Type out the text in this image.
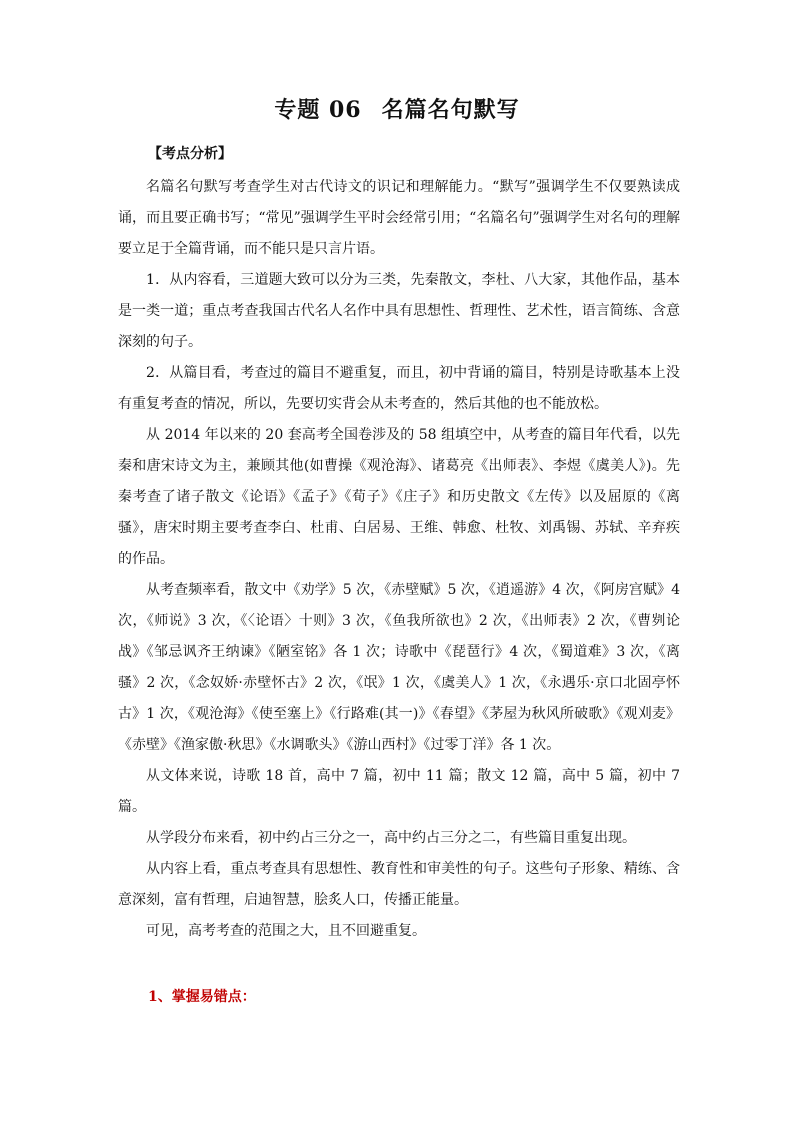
专题 06 名篇名句默写
【考点分析】

名篇名句默写考查学生对古代诗文的识记和理解能力。“默写”强调学生不仅要熟读成诵，而且要正确书写；“常见”强调学生平时会经常引用；“名篇名句”强调学生对名句的理解要立足于全篇背诵，而不能只是只言片语。

1．从内容看，三道题大致可以分为三类，先秦散文，李杜、八大家，其他作品，基本是一类一道；重点考查我国古代名人名作中具有思想性、哲理性、艺术性，语言简练、含意深刻的句子。

2．从篇目看，考查过的篇目不避重复，而且，初中背诵的篇目，特别是诗歌基本上没有重复考查的情况，所以，先要切实背会从未考查的，然后其他的也不能放松。

从 2014 年以来的 20 套高考全国卷涉及的 58 组填空中，从考查的篇目年代看，以先秦和唐宋诗文为主，兼顾其他(如曹操《观沧海》、诸葛亮《出师表》、李煜《虞美人》)。先秦考查了诸子散文《论语》《孟子》《荀子》《庄子》和历史散文《左传》以及屈原的《离骚》，唐宋时期主要考查李白、杜甫、白居易、王维、韩愈、杜牧、刘禹锡、苏轼、辛弃疾的作品。

从考查频率看，散文中《劝学》5 次，《赤壁赋》5 次，《逍遥游》4 次，《阿房宫赋》4 次，《师说》3 次，《〈论语〉十则》3 次，《鱼我所欲也》2 次，《出师表》2 次，《曹刿论战》《邹忌讽齐王纳谏》《陋室铭》各 1 次；诗歌中《琵琶行》4 次，《蜀道难》3 次，《离骚》2 次，《念奴娇·赤壁怀古》2 次，《氓》1 次，《虞美人》1 次，《永遇乐·京口北固亭怀古》1 次，《观沧海》《使至塞上》《行路难(其一)》《春望》《茅屋为秋风所破歌》《观刈麦》《赤壁》《渔家傲·秋思》《水调歌头》《游山西村》《过零丁洋》各 1 次。

从文体来说，诗歌 18 首，高中 7 篇，初中 11 篇；散文 12 篇，高中 5 篇，初中 7 篇。

从学段分布来看，初中约占三分之一，高中约占三分之二，有些篇目重复出现。

从内容上看，重点考查具有思想性、教育性和审美性的句子。这些句子形象、精练、含意深刻，富有哲理，启迪智慧，脍炙人口，传播正能量。

可见，高考考查的范围之大，且不回避重复。

1、掌握易错点：
